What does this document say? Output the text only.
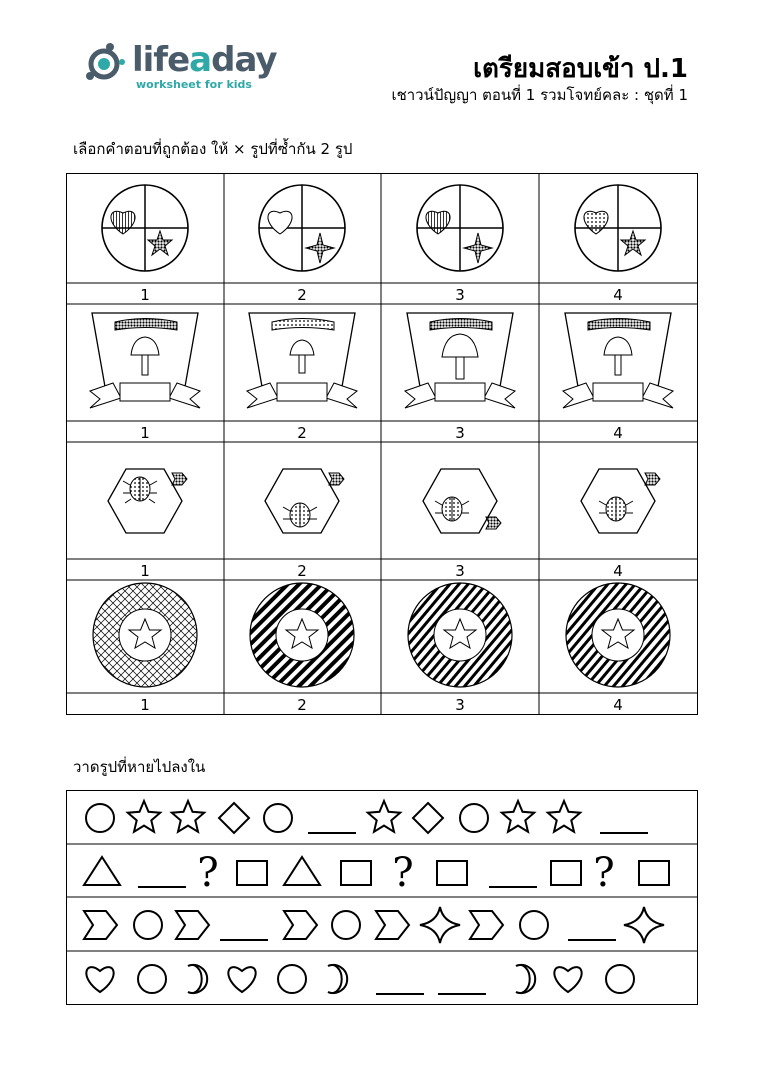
lifeaday
worksheet for kids
เตรียมสอบเข้า ป.1
เชาวน์ปัญญา ตอนที่ 1 รวมโจทย์คละ : ชุดที่ 1
เลือกคำตอบที่ถูกต้อง ให้ × รูปที่ซ้ำกัน 2 รูป
1	2	3	4
1	2	3	4
1	2	3	4
1	2	3	4
วาดรูปที่หายไปลงใน
?	?	?
